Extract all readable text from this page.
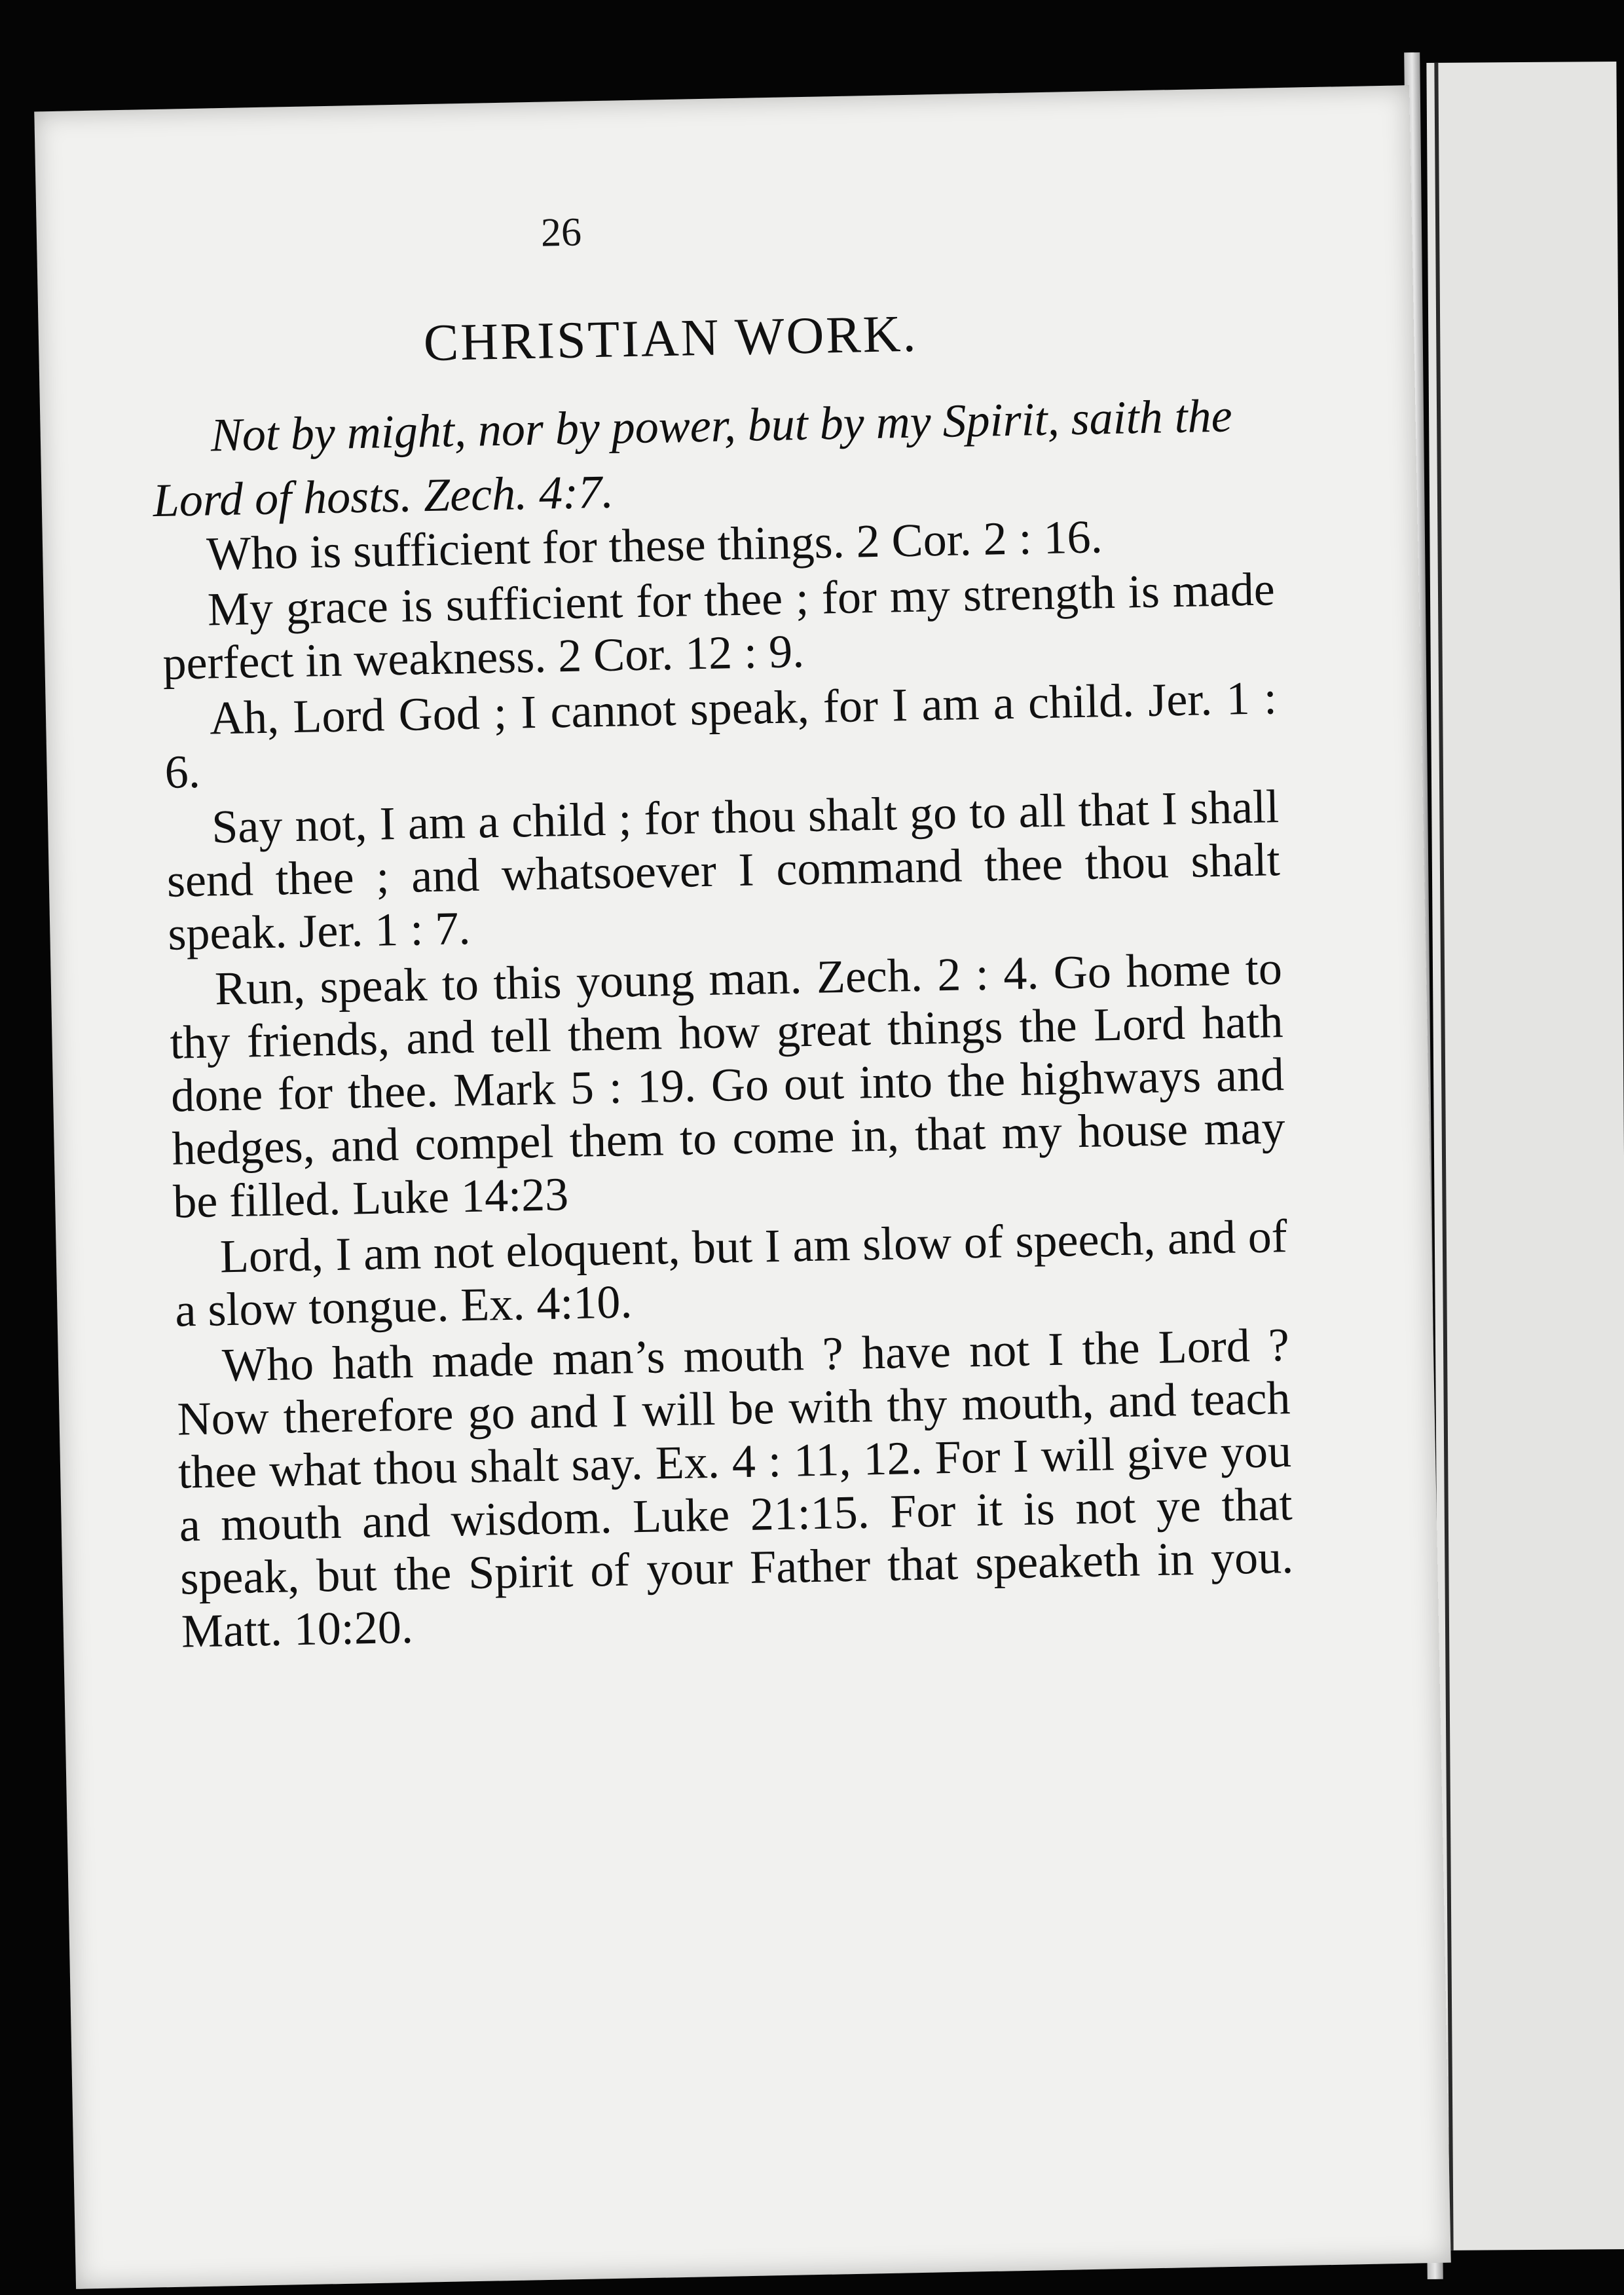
26
CHRISTIAN WORK.

Not by might, nor by power, but by my Spirit, saith the Lord of hosts. Zech. 4:7.

Who is sufficient for these things. 2 Cor. 2 : 16.

My grace is sufficient for thee ; for my strength is made perfect in weakness. 2 Cor. 12 : 9.

Ah, Lord God ; I cannot speak, for I am a child. Jer. 1 : 6.

Say not, I am a child ; for thou shalt go to all that I shall send thee ; and whatsoever I command thee thou shalt speak. Jer. 1 : 7.

Run, speak to this young man. Zech. 2 : 4. Go home to thy friends, and tell them how great things the Lord hath done for thee. Mark 5 : 19. Go out into the highways and hedges, and compel them to come in, that my house may be filled. Luke 14:23

Lord, I am not eloquent, but I am slow of speech, and of a slow tongue. Ex. 4:10.

Who hath made man’s mouth ? have not I the Lord ? Now therefore go and I will be with thy mouth, and teach thee what thou shalt say. Ex. 4 : 11, 12. For I will give you a mouth and wisdom. Luke 21:15. For it is not ye that speak, but the Spirit of your Father that speaketh in you. Matt. 10:20.
